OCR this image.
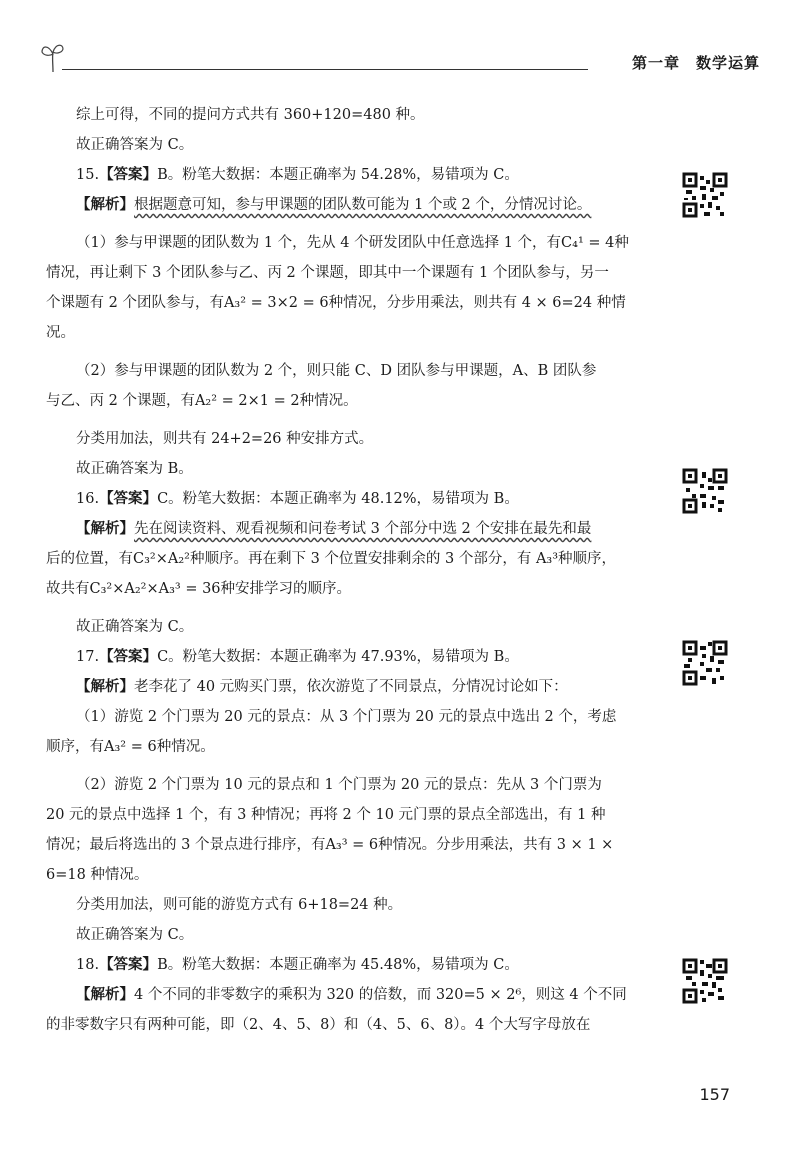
第一章　数学运算

综上可得，不同的提问方式共有 360+120=480 种。

故正确答案为 C。

15.【答案】B。粉笔大数据：本题正确率为 54.28%，易错项为 C。

【解析】根据题意可知，参与甲课题的团队数可能为 1 个或 2 个，分情况讨论。

（1）参与甲课题的团队数为 1 个，先从 4 个研发团队中任意选择 1 个，有C₄¹ = 4种

情况，再让剩下 3 个团队参与乙、丙 2 个课题，即其中一个课题有 1 个团队参与，另一

个课题有 2 个团队参与，有A₃² = 3×2 = 6种情况，分步用乘法，则共有 4 × 6=24 种情况。

（2）参与甲课题的团队数为 2 个，则只能 C、D 团队参与甲课题，A、B 团队参

与乙、丙 2 个课题，有A₂² = 2×1 = 2种情况。

分类用加法，则共有 24+2=26 种安排方式。

故正确答案为 B。

16.【答案】C。粉笔大数据：本题正确率为 48.12%，易错项为 B。

【解析】先在阅读资料、观看视频和问卷考试 3 个部分中选 2 个安排在最先和最

后的位置，有C₃²×A₂²种顺序。再在剩下 3 个位置安排剩余的 3 个部分，有 A₃³种顺序，

故共有C₃²×A₂²×A₃³ = 36种安排学习的顺序。

故正确答案为 C。

17.【答案】C。粉笔大数据：本题正确率为 47.93%，易错项为 B。

【解析】老李花了 40 元购买门票，依次游览了不同景点，分情况讨论如下：

（1）游览 2 个门票为 20 元的景点：从 3 个门票为 20 元的景点中选出 2 个，考虑

顺序，有A₃² = 6种情况。

（2）游览 2 个门票为 10 元的景点和 1 个门票为 20 元的景点：先从 3 个门票为

20 元的景点中选择 1 个，有 3 种情况；再将 2 个 10 元门票的景点全部选出，有 1 种

情况；最后将选出的 3 个景点进行排序，有A₃³ = 6种情况。分步用乘法，共有 3 × 1 ×

6=18 种情况。

分类用加法，则可能的游览方式有 6+18=24 种。

故正确答案为 C。

18.【答案】B。粉笔大数据：本题正确率为 45.48%，易错项为 C。

【解析】4 个不同的非零数字的乘积为 320 的倍数，而 320=5 × 2⁶，则这 4 个不同

的非零数字只有两种可能，即（2、4、5、8）和（4、5、6、8）。4 个大写字母放在

157
